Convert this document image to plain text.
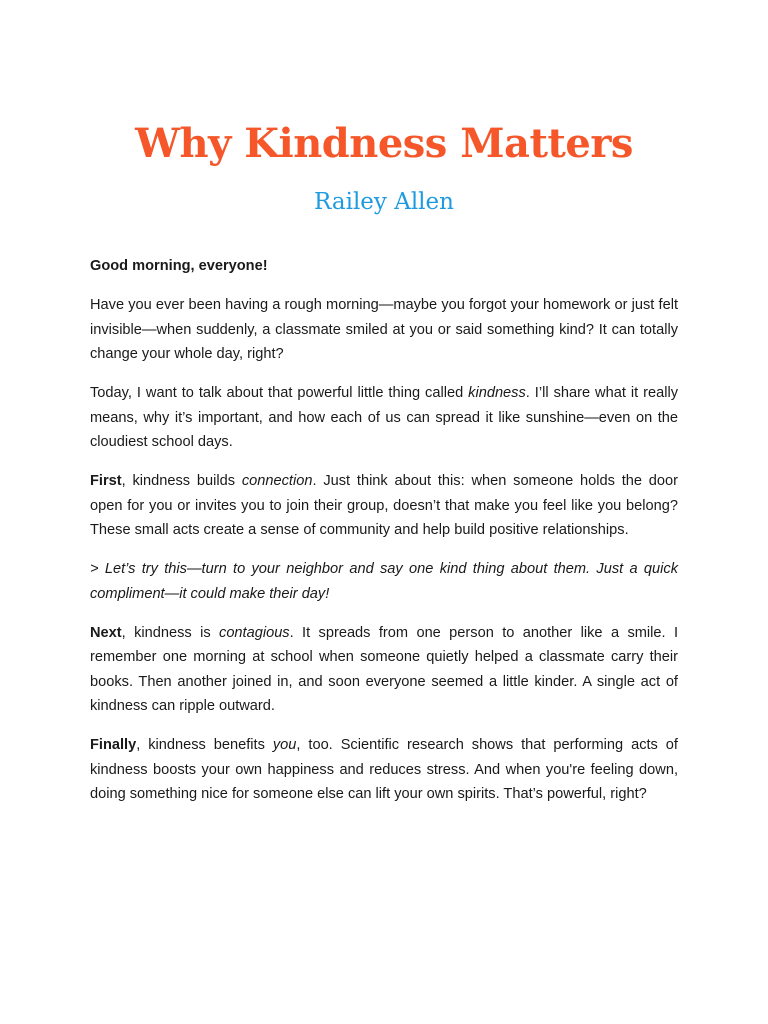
Why Kindness Matters
Railey Allen

Good morning, everyone!

Have you ever been having a rough morning—maybe you forgot your homework or just felt invisible—when suddenly, a classmate smiled at you or said something kind? It can totally change your whole day, right?

Today, I want to talk about that powerful little thing called kindness. I’ll share what it really means, why it’s important, and how each of us can spread it like sunshine—even on the cloudiest school days.

First, kindness builds connection. Just think about this: when someone holds the door open for you or invites you to join their group, doesn’t that make you feel like you belong? These small acts create a sense of community and help build positive relationships.

> Let’s try this—turn to your neighbor and say one kind thing about them. Just a quick compliment—it could make their day!

Next, kindness is contagious. It spreads from one person to another like a smile. I remember one morning at school when someone quietly helped a classmate carry their books. Then another joined in, and soon everyone seemed a little kinder. A single act of kindness can ripple outward.

Finally, kindness benefits you, too. Scientific research shows that performing acts of kindness boosts your own happiness and reduces stress. And when you're feeling down, doing something nice for someone else can lift your own spirits. That’s powerful, right?
